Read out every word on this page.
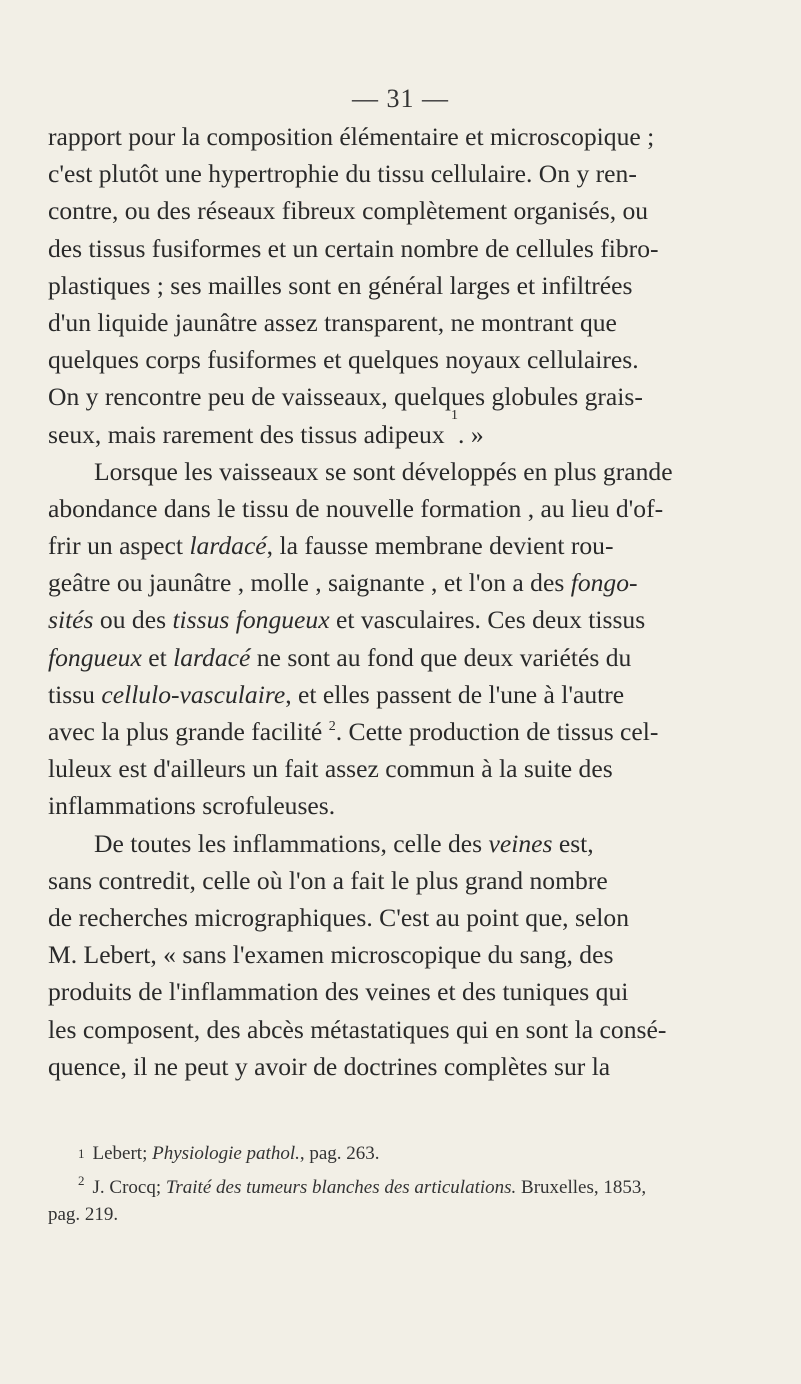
— 31 —
rapport pour la composition élémentaire et microscopique ;
c'est plutôt une hypertrophie du tissu cellulaire. On y ren-
contre, ou des réseaux fibreux complètement organisés, ou
des tissus fusiformes et un certain nombre de cellules fibro-
plastiques ; ses mailles sont en général larges et infiltrées
d'un liquide jaunâtre assez transparent, ne montrant que
quelques corps fusiformes et quelques noyaux cellulaires.
On y rencontre peu de vaisseaux, quelques globules grais-
seux, mais rarement des tissus adipeux

1
. »
Lorsque les vaisseaux se sont développés en plus grande
abondance dans le tissu de nouvelle formation , au lieu d'of-
frir un aspect lardacé, la fausse membrane devient rou-
geâtre ou jaunâtre , molle , saignante , et l'on a des fongo-
sités ou des tissus fongueux et vasculaires. Ces deux tissus
fongueux et lardacé ne sont au fond que deux variétés du
tissu cellulo-vasculaire, et elles passent de l'une à l'autre
avec la plus grande facilité $^2$. Cette production de tissus cel-
luleux est d'ailleurs un fait assez commun à la suite des
inflammations scrofuleuses.
De toutes les inflammations, celle des veines est,
sans contredit, celle où l'on a fait le plus grand nombre
de recherches micrographiques. C'est au point que, selon
M. Lebert, « sans l'examen microscopique du sang, des
produits de l'inflammation des veines et des tuniques qui
les composent, des abcès métastatiques qui en sont la consé-
quence, il ne peut y avoir de doctrines complètes sur la
1 Lebert;
Physiologie pathol. , pag. 263.
$^2$ J. Crocq; Traité des tumeurs blanches des articulations. Bruxelles, 1853,
pag. 219.
